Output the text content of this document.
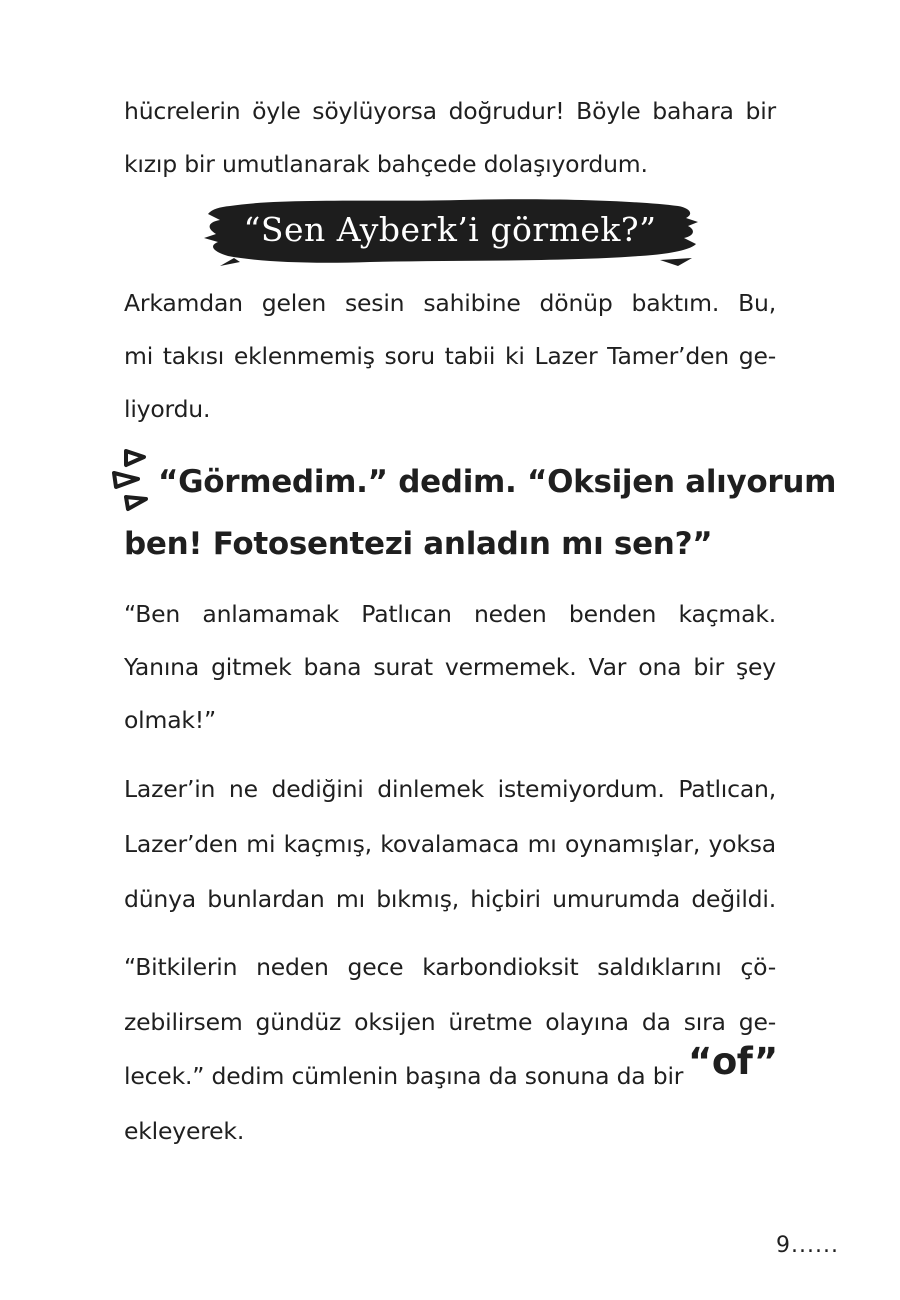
hücrelerin öyle söylüyorsa doğrudur! Böyle bahara bir
kızıp bir umutlanarak bahçede dolaşıyordum.
“Sen Ayberk’i görmek?”
Arkamdan gelen sesin sahibine dönüp baktım. Bu,
mi takısı eklenmemiş soru tabii ki Lazer Tamer’den ge-
liyordu.
“Görmedim.” dedim. “Oksijen alıyorum
ben! Fotosentezi anladın mı sen?”
“Ben anlamamak Patlıcan neden benden kaçmak.
Yanına gitmek bana surat vermemek. Var ona bir şey
olmak!”
Lazer’in ne dediğini dinlemek istemiyordum. Patlıcan,
Lazer’den mi kaçmış, kovalamaca mı oynamışlar, yoksa
dünya bunlardan mı bıkmış, hiçbiri umurumda değildi.
“Bitkilerin neden gece karbondioksit saldıklarını çö-
zebilirsem gündüz oksijen üretme olayına da sıra ge-
lecek.” dedim cümlenin başına da sonuna da bir “of”
ekleyerek.
9......
